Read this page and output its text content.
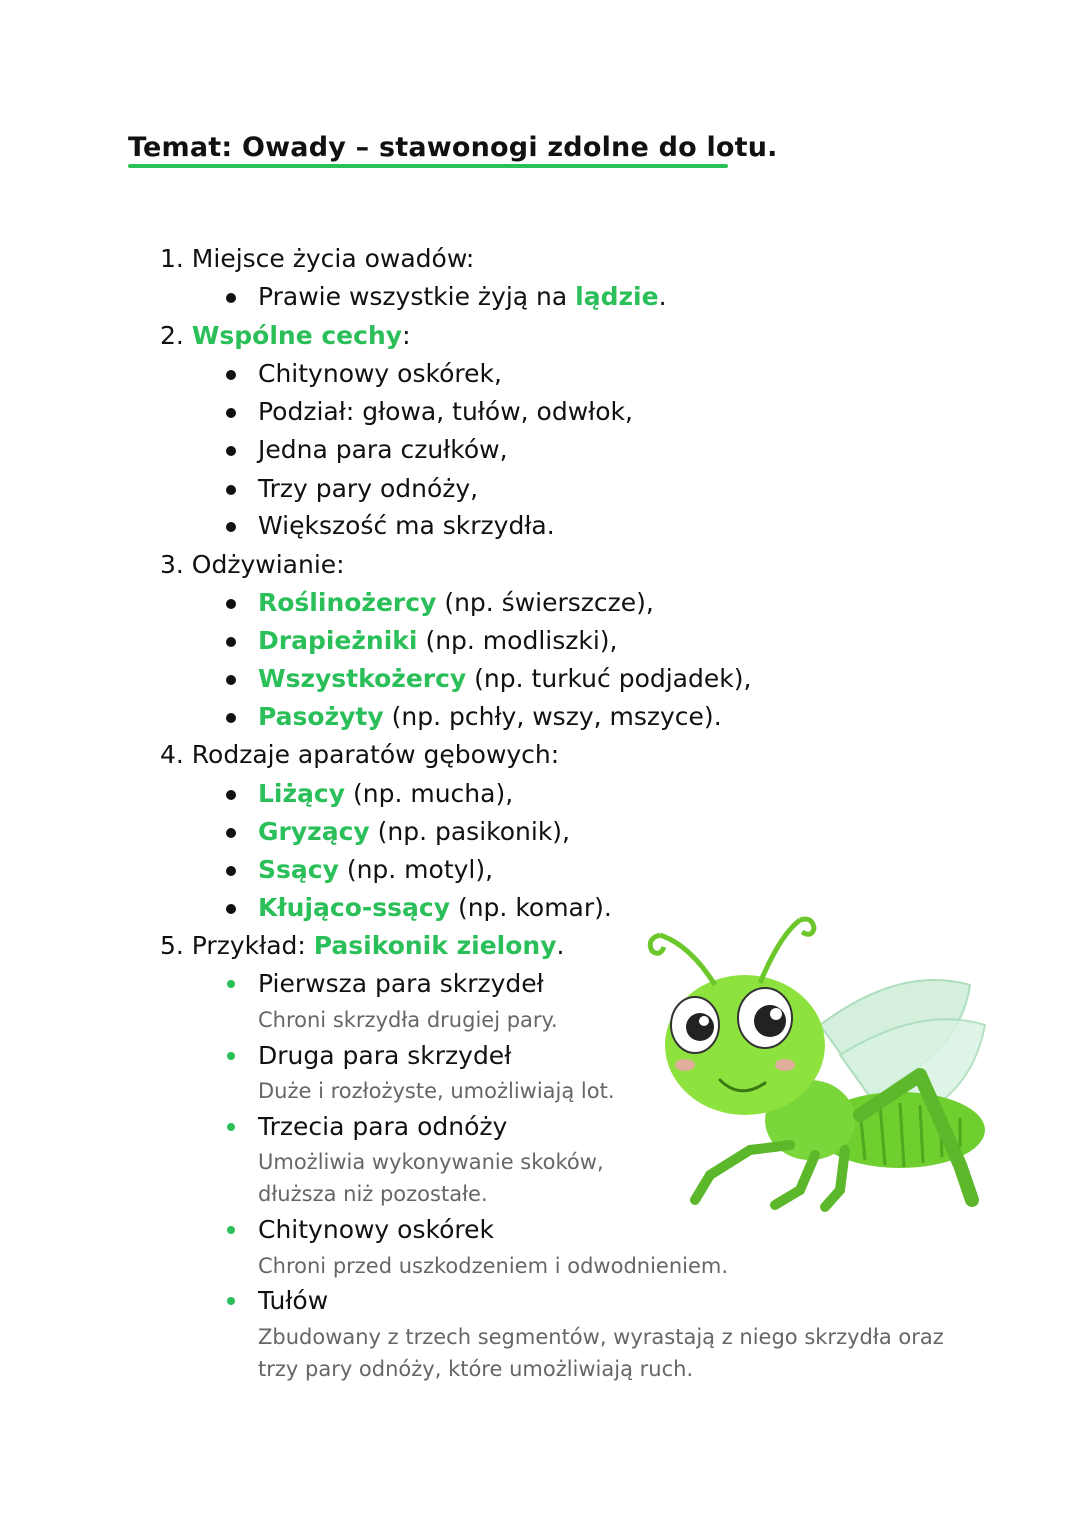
Temat: Owady – stawonogi zdolne do lotu.
1. Miejsce życia owadów:
Prawie wszystkie żyją na lądzie.
2. Wspólne cechy:
Chitynowy oskórek,
Podział: głowa, tułów, odwłok,
Jedna para czułków,
Trzy pary odnóży,
Większość ma skrzydła.
3. Odżywianie:
Roślinożercy (np. świerszcze),
Drapieżniki (np. modliszki),
Wszystkożercy (np. turkuć podjadek),
Pasożyty (np. pchły, wszy, mszyce).
4. Rodzaje aparatów gębowych:
Liżący (np. mucha),
Gryzący (np. pasikonik),
Ssący (np. motyl),
Kłująco-ssący (np. komar).
5. Przykład: Pasikonik zielony.
Pierwsza para skrzydeł
Chroni skrzydła drugiej pary.
Druga para skrzydeł
Duże i rozłożyste, umożliwiają lot.
Trzecia para odnóży
Umożliwia wykonywanie skoków,
dłuższa niż pozostałe.
Chitynowy oskórek
Chroni przed uszkodzeniem i odwodnieniem.
Tułów
Zbudowany z trzech segmentów, wyrastają z niego skrzydła oraz
trzy pary odnóży, które umożliwiają ruch.
